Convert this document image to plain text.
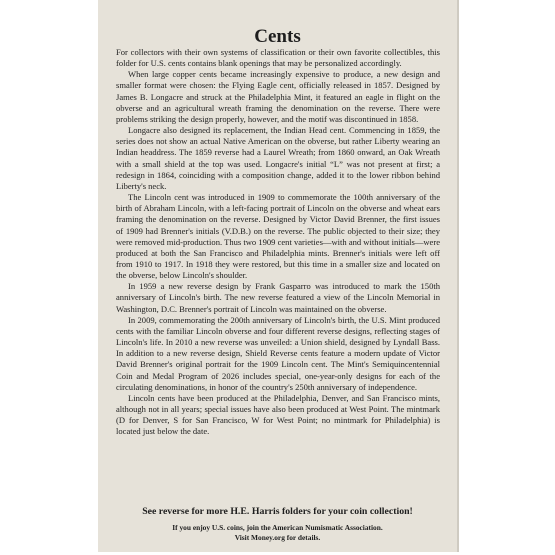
Cents

For collectors with their own systems of classification or their own favorite collectibles, this folder for U.S. cents contains blank openings that may be personalized accordingly.

When large copper cents became increasingly expensive to produce, a new design and smaller format were chosen: the Flying Eagle cent, officially released in 1857. Designed by James B. Longacre and struck at the Philadelphia Mint, it featured an eagle in flight on the obverse and an agricultural wreath framing the denomination on the reverse. There were problems striking the design properly, however, and the motif was discontinued in 1858.

Longacre also designed its replacement, the Indian Head cent. Commencing in 1859, the series does not show an actual Native American on the obverse, but rather Liberty wearing an Indian headdress. The 1859 reverse had a Laurel Wreath; from 1860 onward, an Oak Wreath with a small shield at the top was used. Longacre's initial “L” was not present at first; a redesign in 1864, coinciding with a composition change, added it to the lower ribbon behind Liberty's neck.

The Lincoln cent was introduced in 1909 to commemorate the 100th anniversary of the birth of Abraham Lincoln, with a left-facing portrait of Lincoln on the obverse and wheat ears framing the denomination on the reverse. Designed by Victor David Brenner, the first issues of 1909 had Brenner's initials (V.D.B.) on the reverse. The public objected to their size; they were removed mid-production. Thus two 1909 cent varieties—with and without initials—were produced at both the San Francisco and Philadelphia mints. Brenner's initials were left off from 1910 to 1917. In 1918 they were restored, but this time in a smaller size and located on the obverse, below Lincoln's shoulder.

In 1959 a new reverse design by Frank Gasparro was introduced to mark the 150th anniversary of Lincoln's birth. The new reverse featured a view of the Lincoln Memorial in Washington, D.C. Brenner's portrait of Lincoln was maintained on the obverse.

In 2009, commemorating the 200th anniversary of Lincoln's birth, the U.S. Mint produced cents with the familiar Lincoln obverse and four different reverse designs, reflecting stages of Lincoln's life. In 2010 a new reverse was unveiled: a Union shield, designed by Lyndall Bass. In addition to a new reverse design, Shield Reverse cents feature a modern update of Victor David Brenner's original portrait for the 1909 Lincoln cent. The Mint's Semiquincentennial Coin and Medal Program of 2026 includes special, one-year-only designs for each of the circulating denominations, in honor of the country's 250th anniversary of independence.

Lincoln cents have been produced at the Philadelphia, Denver, and San Francisco mints, although not in all years; special issues have also been produced at West Point. The mintmark (D for Denver, S for San Francisco, W for West Point; no mintmark for Philadelphia) is located just below the date.

See reverse for more H.E. Harris folders for your coin collection!
If you enjoy U.S. coins, join the American Numismatic Association.
Visit Money.org for details.
